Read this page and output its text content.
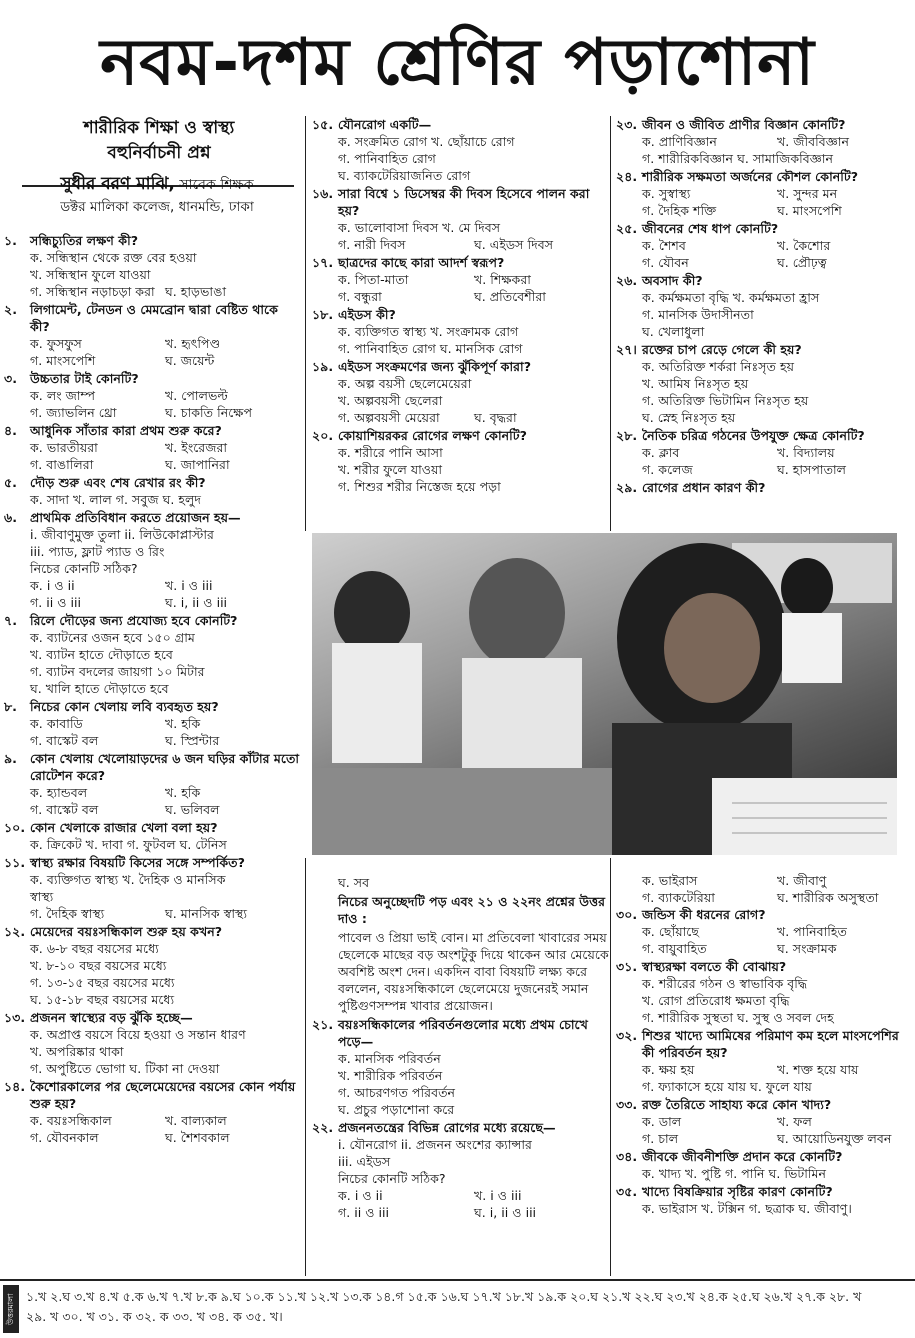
নবম-দশম শ্রেণির পড়াশোনা
শারীরিক শিক্ষা ও স্বাস্থ্য
বহুনির্বাচনী প্রশ্ন
সুধীর বরণ মাঝি, সাবেক শিক্ষক
ডক্টর মালিকা কলেজ, ধানমন্ডি, ঢাকা
১.	সন্ধিচ্যুতির লক্ষণ কী?
ক. সন্ধিস্থান থেকে রক্ত বের হওয়া
খ. সন্ধিস্থান ফুলে যাওয়া
গ. সন্ধিস্থান নড়াচড়া করা ঘ. হাড়ভাঙা
২.	লিগামেন্ট, টেনডন ও মেমব্রোন দ্বারা বেষ্টিত থাকে কী?
ক. ফুসফুস	খ. হৃৎপিণ্ড
গ. মাংসপেশি	ঘ. জয়েন্ট
৩.	উচ্চতার টাই কোনটি?
ক. লং জাম্প	খ. পোলভল্ট
গ. জ্যাভলিন থ্রো	ঘ. চাকতি নিক্ষেপ
৪.	আধুনিক সাঁতার কারা প্রথম শুরু করে?
ক. ভারতীয়রা	খ. ইংরেজরা
গ. বাঙালিরা	ঘ. জাপানিরা
৫.	দৌড় শুরু এবং শেষ রেখার রং কী?
ক. সাদা খ. লাল গ. সবুজ ঘ. হলুদ
৬.	প্রাথমিক প্রতিবিধান করতে প্রয়োজন হয়—
i. জীবাণুমুক্ত তুলা ii. লিউকোপ্লাস্টার
iii. প্যাড, ফ্লাট প্যাড ও রিং
নিচের কোনটি সঠিক?
ক. i ও ii	খ. i ও iii
গ. ii ও iii	ঘ. i, ii ও iii
৭.	রিলে দৌড়ের জন্য প্রযোজ্য হবে কোনটি?
ক. ব্যাটনের ওজন হবে ১৫০ গ্রাম
খ. ব্যাটন হাতে দৌড়াতে হবে
গ. ব্যাটন বদলের জায়গা ১০ মিটার
ঘ. খালি হাতে দৌড়াতে হবে
৮.	নিচের কোন খেলায় লবি ব্যবহৃত হয়?
ক. কাবাডি	খ. হকি
গ. বাস্কেট বল	ঘ. স্প্রিন্টার
৯.	কোন খেলায় খেলোয়াড়দের ৬ জন ঘড়ির কাঁটার মতো রোটেশন করে?
ক. হ্যান্ডবল	খ. হকি
গ. বাস্কেট বল	ঘ. ভলিবল
১০. কোন খেলাকে রাজার খেলা বলা হয়?
ক. ক্রিকেট খ. দাবা গ. ফুটবল ঘ. টেনিস
১১. স্বাস্থ্য রক্ষার বিষয়টি কিসের সঙ্গে সম্পর্কিত?
ক. ব্যক্তিগত স্বাস্থ্য খ. দৈহিক ও মানসিক
স্বাস্থ্য
গ. দৈহিক স্বাস্থ্য	ঘ. মানসিক স্বাস্থ্য
১২. মেয়েদের বয়ঃসন্ধিকাল শুরু হয় কখন?
ক. ৬-৮ বছর বয়সের মধ্যে
খ. ৮-১০ বছর বয়সের মধ্যে
গ. ১৩-১৫ বছর বয়সের মধ্যে
ঘ. ১৫-১৮ বছর বয়সের মধ্যে
১৩. প্রজনন স্বাস্থ্যের বড় ঝুঁকি হচ্ছে—
ক. অপ্রাপ্ত বয়সে বিয়ে হওয়া ও সন্তান ধারণ
খ. অপরিষ্কার থাকা
গ. অপুষ্টিতে ভোগা ঘ. টিকা না দেওয়া
১৪. কৈশোরকালের পর ছেলেমেয়েদের বয়সের কোন পর্যায় শুরু হয়?
ক. বয়ঃসন্ধিকাল	খ. বাল্যকাল
গ. যৌবনকাল	ঘ. শৈশবকাল
১৫. যৌনরোগ একটি—
ক. সংক্রমিত রোগ খ. ছোঁয়াচে রোগ
গ. পানিবাহিত রোগ
ঘ. ব্যাকটেরিয়াজনিত রোগ
১৬. সারা বিশ্বে ১ ডিসেম্বর কী দিবস হিসেবে পালন করা হয়?
ক. ভালোবাসা দিবস খ. মে দিবস
গ. নারী দিবস	ঘ. এইডস দিবস
১৭. ছাত্রদের কাছে কারা আদর্শ স্বরূপ?
ক. পিতা-মাতা	খ. শিক্ষকরা
গ. বন্ধুরা	ঘ. প্রতিবেশীরা
১৮. এইডস কী?
ক. ব্যক্তিগত স্বাস্থ্য খ. সংক্রামক রোগ
গ. পানিবাহিত রোগ ঘ. মানসিক রোগ
১৯. এইডস সংক্রমণের জন্য ঝুঁকিপূর্ণ কারা?
ক. অল্প বয়সী ছেলেমেয়েরা
খ. অল্পবয়সী ছেলেরা
গ. অল্পবয়সী মেয়েরা	ঘ. বৃদ্ধরা
২০. কোয়াশিয়রকর রোগের লক্ষণ কোনটি?
ক. শরীরে পানি আসা
খ. শরীর ফুলে যাওয়া
গ. শিশুর শরীর নিস্তেজ হয়ে পড়া
২৩. জীবন ও জীবিত প্রাণীর বিজ্ঞান কোনটি?
ক. প্রাণিবিজ্ঞান	খ. জীববিজ্ঞান
গ. শারীরিকবিজ্ঞান ঘ. সামাজিকবিজ্ঞান
২৪. শারীরিক সক্ষমতা অর্জনের কৌশল কোনটি?
ক. সুস্বাস্থ্য	খ. সুন্দর মন
গ. দৈহিক শক্তি	ঘ. মাংসপেশি
২৫. জীবনের শেষ ধাপ কোনটি?
ক. শৈশব	খ. কৈশোর
গ. যৌবন	ঘ. প্রৌঢ়ত্ব
২৬. অবসাদ কী?
ক. কর্মক্ষমতা বৃদ্ধি খ. কর্মক্ষমতা হ্রাস
গ. মানসিক উদাসীনতা
ঘ. খেলাধুলা
২৭। রক্তের চাপ রেড়ে গেলে কী হয়?
ক. অতিরিক্ত শর্করা নিঃসৃত হয়
খ. আমিষ নিঃসৃত হয়
গ. অতিরিক্ত ভিটামিন নিঃসৃত হয়
ঘ. স্নেহ নিঃসৃত হয়
২৮. নৈতিক চরিত্র গঠনের উপযুক্ত ক্ষেত্র কোনটি?
ক. ক্লাব	খ. বিদ্যালয়
গ. কলেজ	ঘ. হাসপাতাল
২৯. রোগের প্রধান কারণ কী?
ঘ. সব
নিচের অনুচ্ছেদটি পড় এবং ২১ ও ২২নং প্রশ্নের উত্তর দাও :
পাবেল ও প্রিয়া ভাই বোন। মা প্রতিবেলা খাবারের সময় ছেলেকে মাছের বড় অংশটুকু দিয়ে থাকেন আর মেয়েকে অবশিষ্ট অংশ দেন। একদিন বাবা বিষয়টি লক্ষ্য করে বললেন, বয়ঃসন্ধিকালে ছেলেমেয়ে দুজনেরই সমান পুষ্টিগুণসম্পন্ন খাবার প্রয়োজন।
২১. বয়ঃসন্ধিকালের পরিবর্তনগুলোর মধ্যে প্রথম চোখে পড়ে—
ক. মানসিক পরিবর্তন
খ. শারীরিক পরিবর্তন
গ. আচরণগত পরিবর্তন
ঘ. প্রচুর পড়াশোনা করে
২২. প্রজননতন্ত্রের বিভিন্ন রোগের মধ্যে রয়েছে—
i. যৌনরোগ ii. প্রজনন অংশের ক্যান্সার
iii. এইডস
নিচের কোনটি সঠিক?
ক. i ও ii	খ. i ও iii
গ. ii ও iii	ঘ. i, ii ও iii
ক. ভাইরাস	খ. জীবাণু
গ. ব্যাকটেরিয়া	ঘ. শারীরিক অসুস্থতা
৩০. জন্ডিস কী ধরনের রোগ?
ক. ছোঁয়াছে	খ. পানিবাহিত
গ. বায়ুবাহিত	ঘ. সংক্রামক
৩১. স্বাস্থ্যরক্ষা বলতে কী বোঝায়?
ক. শরীরের গঠন ও স্বাভাবিক বৃদ্ধি
খ. রোগ প্রতিরোধ ক্ষমতা বৃদ্ধি
গ. শারীরিক সুস্থতা ঘ. সুস্থ ও সবল দেহ
৩২. শিশুর খাদ্যে আমিষের পরিমাণ কম হলে মাংসপেশির কী পরিবর্তন হয়?
ক. ক্ষয় হয়	খ. শক্ত হয়ে যায়
গ. ফ্যাকাসে হয়ে যায় ঘ. ফুলে যায়
৩৩. রক্ত তৈরিতে সাহায্য করে কোন খাদ্য?
ক. ডাল	খ. ফল
গ. চাল	ঘ. আয়োডিনযুক্ত লবন
৩৪. জীবকে জীবনীশক্তি প্রদান করে কোনটি?
ক. খাদ্য খ. পুষ্টি গ. পানি ঘ. ভিটামিন
৩৫. খাদ্যে বিষক্রিয়ার সৃষ্টির কারণ কোনটি?
ক. ভাইরাস খ. টক্সিন গ. ছত্রাক ঘ. জীবাণু।
উত্তরমালা ১.খ ২.ঘ ৩.খ ৪.খ ৫.ক ৬.খ ৭.খ ৮.ক ৯.ঘ ১০.ক ১১.খ ১২.খ ১৩.ক ১৪.গ ১৫.ক ১৬.ঘ ১৭.খ ১৮.খ ১৯.ক ২০.ঘ ২১.খ ২২.ঘ ২৩.খ ২৪.ক ২৫.ঘ ২৬.খ ২৭.ক ২৮. খ
২৯. খ ৩০. খ ৩১. ক ৩২. ক ৩৩. খ ৩৪. ক ৩৫. খ।
